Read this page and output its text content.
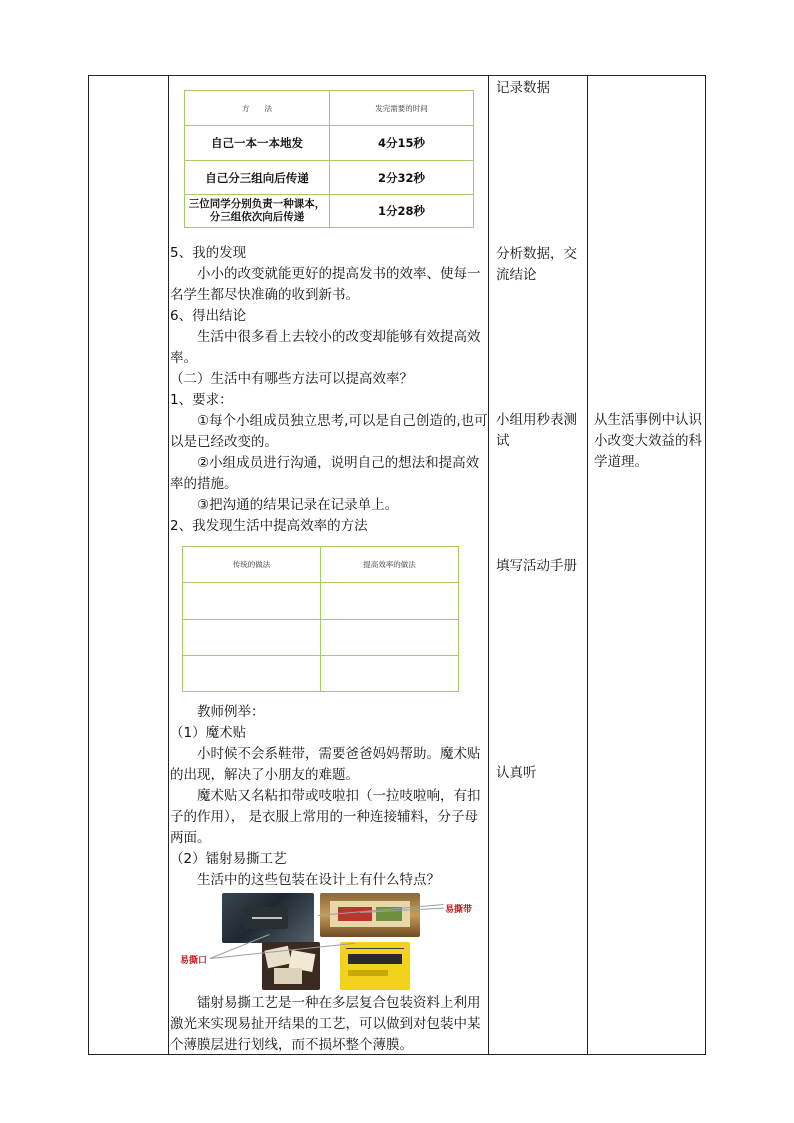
记录数据
分析数据，交流结论
小组用秒表测试
填写活动手册
认真听
从生活事例中认识小改变大效益的科学道理。
方　　法	发完需要的时间
自己一本一本地发	4分15秒
自己分三组向后传递	2分32秒
三位同学分别负责一种课本，分三组依次向后传递	1分28秒

5、我的发现

小小的改变就能更好的提高发书的效率、使每一名学生都尽快准确的收到新书。

6、得出结论

生活中很多看上去较小的改变却能够有效提高效率。

（二）生活中有哪些方法可以提高效率？

1、要求：

①每个小组成员独立思考,可以是自己创造的,也可以是已经改变的。

②小组成员进行沟通，说明自己的想法和提高效率的措施。

③把沟通的结果记录在记录单上。

2、我发现生活中提高效率的方法

传统的做法	提高效率的做法

教师例举：

（1）魔术贴

小时候不会系鞋带，需要爸爸妈妈帮助。魔术贴的出现，解决了小朋友的难题。

魔术贴又名粘扣带或吱啦扣（一拉吱啦响，有扣子的作用）， 是衣服上常用的一种连接辅料，分子母两面。

（2）镭射易撕工艺

生活中的这些包装在设计上有什么特点？

易撕带
易撕口

镭射易撕工艺是一种在多层复合包装资料上利用激光来实现易扯开结果的工艺，可以做到对包装中某个薄膜层进行划线，而不损坏整个薄膜。
